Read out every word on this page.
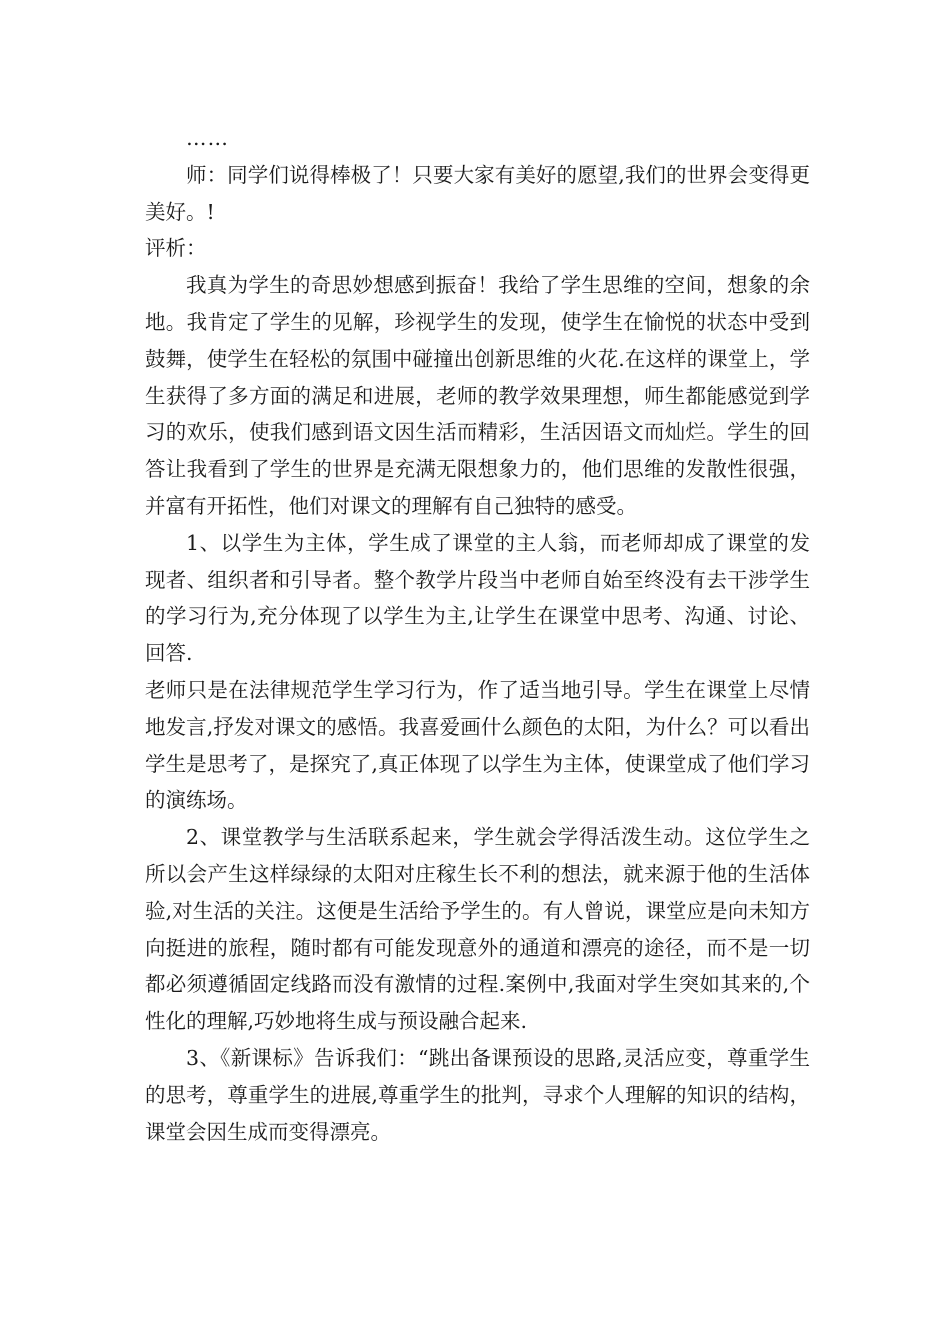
……

师：同学们说得棒极了！只要大家有美好的愿望,我们的世界会变得更美好。!

评析：

我真为学生的奇思妙想感到振奋！我给了学生思维的空间，想象的余地。我肯定了学生的见解，珍视学生的发现，使学生在愉悦的状态中受到鼓舞，使学生在轻松的氛围中碰撞出创新思维的火花.在这样的课堂上，学生获得了多方面的满足和进展，老师的教学效果理想，师生都能感觉到学习的欢乐，使我们感到语文因生活而精彩，生活因语文而灿烂。学生的回答让我看到了学生的世界是充满无限想象力的，他们思维的发散性很强，并富有开拓性，他们对课文的理解有自己独特的感受。

1、以学生为主体，学生成了课堂的主人翁，而老师却成了课堂的发现者、组织者和引导者。整个教学片段当中老师自始至终没有去干涉学生的学习行为,充分体现了以学生为主,让学生在课堂中思考、沟通、讨论、回答.

老师只是在法律规范学生学习行为，作了适当地引导。学生在课堂上尽情地发言,抒发对课文的感悟。我喜爱画什么颜色的太阳，为什么？可以看出学生是思考了，是探究了,真正体现了以学生为主体，使课堂成了他们学习的演练场。

2、课堂教学与生活联系起来，学生就会学得活泼生动。这位学生之所以会产生这样绿绿的太阳对庄稼生长不利的想法，就来源于他的生活体验,对生活的关注。这便是生活给予学生的。有人曾说，课堂应是向未知方向挺进的旅程，随时都有可能发现意外的通道和漂亮的途径，而不是一切都必须遵循固定线路而没有激情的过程.案例中,我面对学生突如其来的,个性化的理解,巧妙地将生成与预设融合起来.

3、《新课标》告诉我们：“跳出备课预设的思路,灵活应变，尊重学生的思考，尊重学生的进展,尊重学生的批判，寻求个人理解的知识的结构，课堂会因生成而变得漂亮。
